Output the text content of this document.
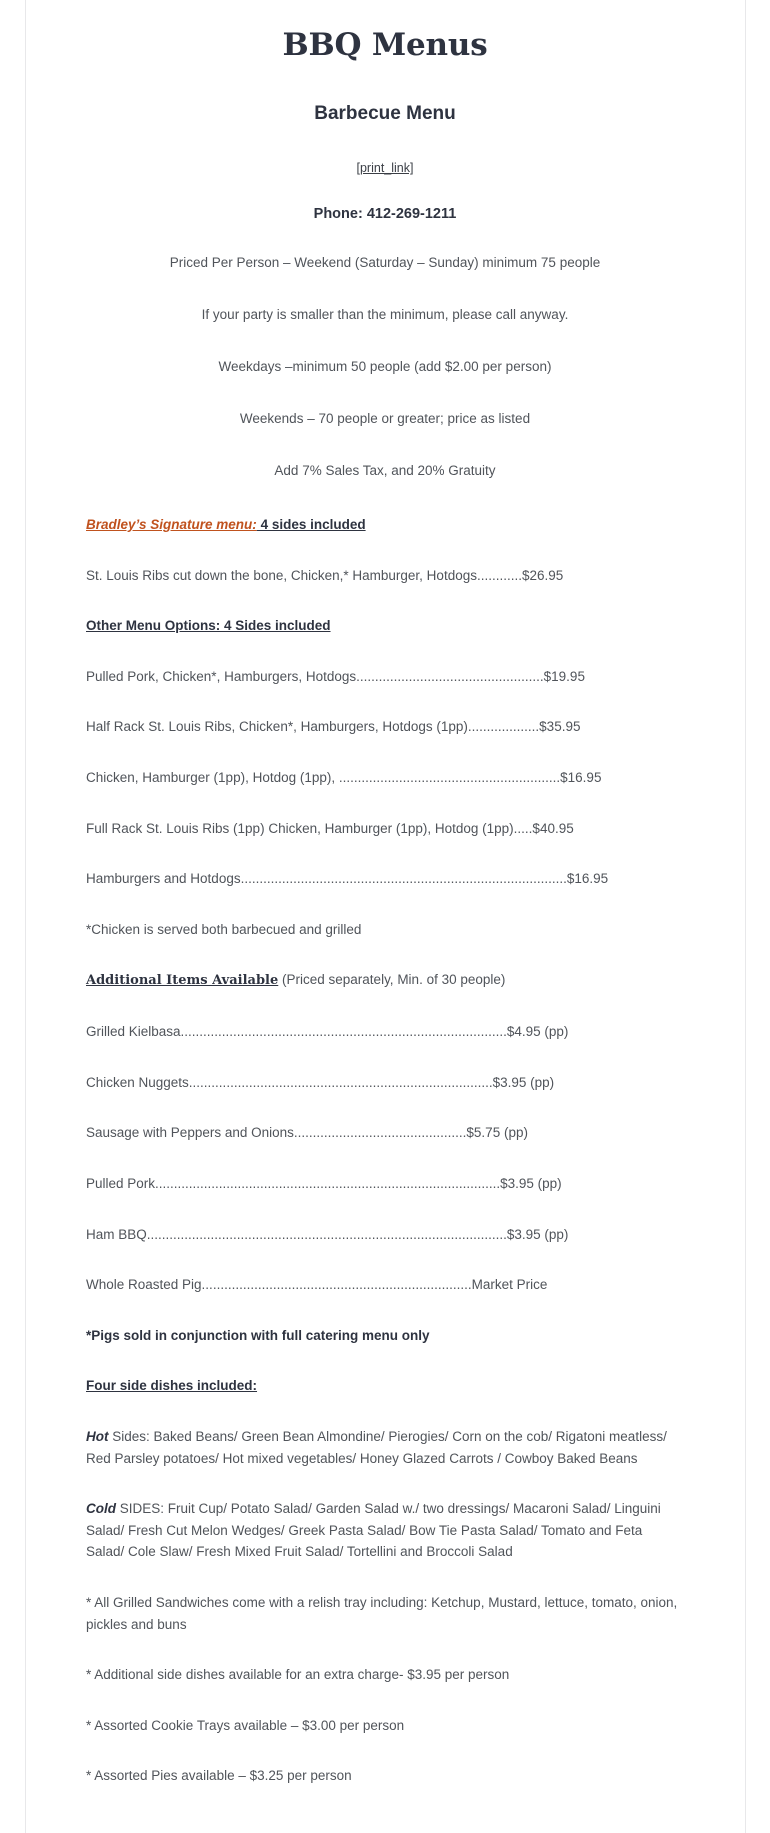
BBQ Menus
Barbecue Menu
[print_link]
Phone: 412-269-1211

Priced Per Person – Weekend (Saturday – Sunday) minimum 75 people

If your party is smaller than the minimum, please call anyway.

Weekdays –minimum 50 people (add $2.00 per person)

Weekends – 70 people or greater; price as listed

Add 7% Sales Tax, and 20% Gratuity

Bradley’s Signature menu: 4 sides included

St. Louis Ribs cut down the bone, Chicken,* Hamburger, Hotdogs............$26.95

Other Menu Options: 4 Sides included

Pulled Pork, Chicken*, Hamburgers, Hotdogs..................................................$19.95

Half Rack St. Louis Ribs, Chicken*, Hamburgers, Hotdogs (1pp)...................$35.95

Chicken, Hamburger (1pp), Hotdog (1pp), ...........................................................$16.95

Full Rack St. Louis Ribs (1pp) Chicken, Hamburger (1pp), Hotdog (1pp).....$40.95

Hamburgers and Hotdogs.......................................................................................$16.95

*Chicken is served both barbecued and grilled

Additional Items Available (Priced separately, Min. of 30 people)

Grilled Kielbasa.......................................................................................$4.95 (pp)

Chicken Nuggets.................................................................................$3.95 (pp)

Sausage with Peppers and Onions..............................................$5.75 (pp)

Pulled Pork............................................................................................$3.95 (pp)

Ham BBQ................................................................................................$3.95 (pp)

Whole Roasted Pig........................................................................Market Price

*Pigs sold in conjunction with full catering menu only

Four side dishes included:

Hot Sides: Baked Beans/ Green Bean Almondine/ Pierogies/ Corn on the cob/ Rigatoni meatless/ Red Parsley potatoes/ Hot mixed vegetables/ Honey Glazed Carrots / Cowboy Baked Beans

Cold SIDES: Fruit Cup/ Potato Salad/ Garden Salad w./ two dressings/ Macaroni Salad/ Linguini Salad/ Fresh Cut Melon Wedges/ Greek Pasta Salad/ Bow Tie Pasta Salad/ Tomato and Feta Salad/ Cole Slaw/ Fresh Mixed Fruit Salad/ Tortellini and Broccoli Salad

* All Grilled Sandwiches come with a relish tray including: Ketchup, Mustard, lettuce, tomato, onion, pickles and buns

* Additional side dishes available for an extra charge- $3.95 per person

* Assorted Cookie Trays available – $3.00 per person

* Assorted Pies available – $3.25 per person
